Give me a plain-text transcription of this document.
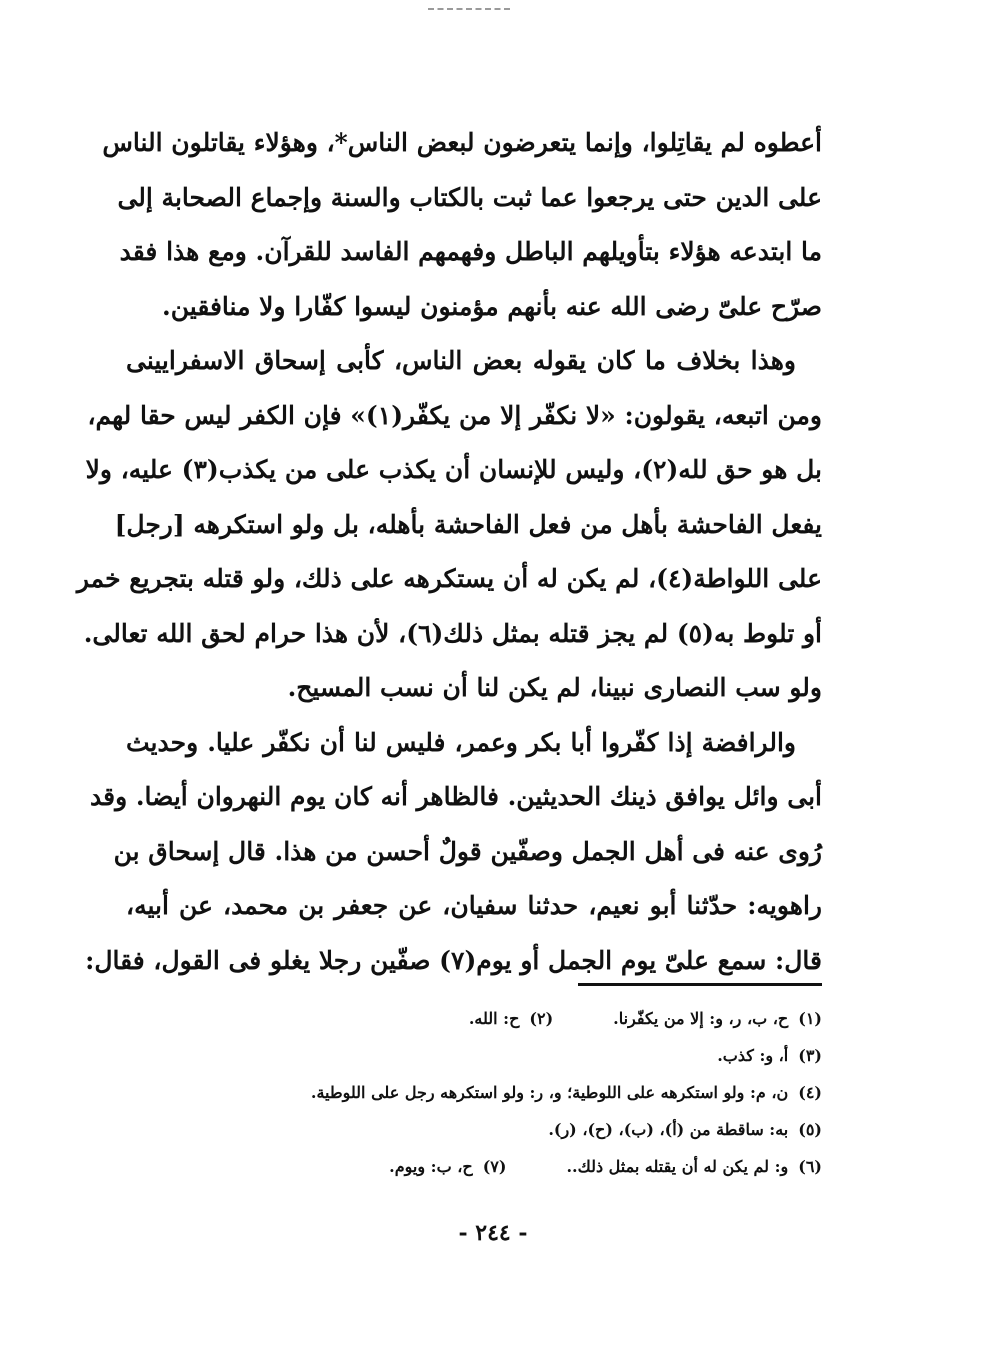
أعطوه لم يقاتِلوا، وإنما يتعرضون لبعض الناس*، وهؤلاء يقاتلون الناس
على الدين حتى يرجعوا عما ثبت بالكتاب والسنة وإجماع الصحابة إلى
ما ابتدعه هؤلاء بتأويلهم الباطل وفهمهم الفاسد للقرآن. ومع هذا فقد
صرّح علىّ رضى الله عنه بأنهم مؤمنون ليسوا كفّارا ولا منافقين.
وهذا بخلاف ما كان يقوله بعض الناس، كأبى إسحاق الاسفرايينى
ومن اتبعه، يقولون: «لا نكفّر إلا من يكفّر(١)» فإن الكفر ليس حقا لهم،
بل هو حق لله(٢)، وليس للإنسان أن يكذب على من يكذب(٣) عليه، ولا
يفعل الفاحشة بأهل من فعل الفاحشة بأهله، بل ولو استكرهه [رجل]
على اللواطة(٤)، لم يكن له أن يستكرهه على ذلك، ولو قتله بتجريع خمر
أو تلوط به(٥) لم يجز قتله بمثل ذلك(٦)، لأن هذا حرام لحق الله تعالى.
ولو سب النصارى نبينا، لم يكن لنا أن نسب المسيح.
والرافضة إذا كفّروا أبا بكر وعمر، فليس لنا أن نكفّر عليا. وحديث
أبى وائل يوافق ذينك الحديثين. فالظاهر أنه كان يوم النهروان أيضا. وقد
رُوى عنه فى أهل الجمل وصفّين قولٌ أحسن من هذا. قال إسحاق بن
راهويه: حدّثنا أبو نعيم، حدثنا سفيان، عن جعفر بن محمد، عن أبيه،
قال: سمع علىّ يوم الجمل أو يوم(٧) صفّين رجلا يغلو فى القول، فقال:
(١)ح، ب، ر، و: إلا من يكفّرنا.(٢)ح: الله.
(٣)أ، و: كذب.
(٤)ن، م: ولو استكرهه على اللوطية؛ و، ر: ولو استكرهه رجل على اللوطية.
(٥)به: ساقطة من (أ)، (ب)، (ح)، (ر).
(٦)و: لم يكن له أن يقتله بمثل ذلك..(٧)ح، ب: ويوم.
- ٢٤٤ -
